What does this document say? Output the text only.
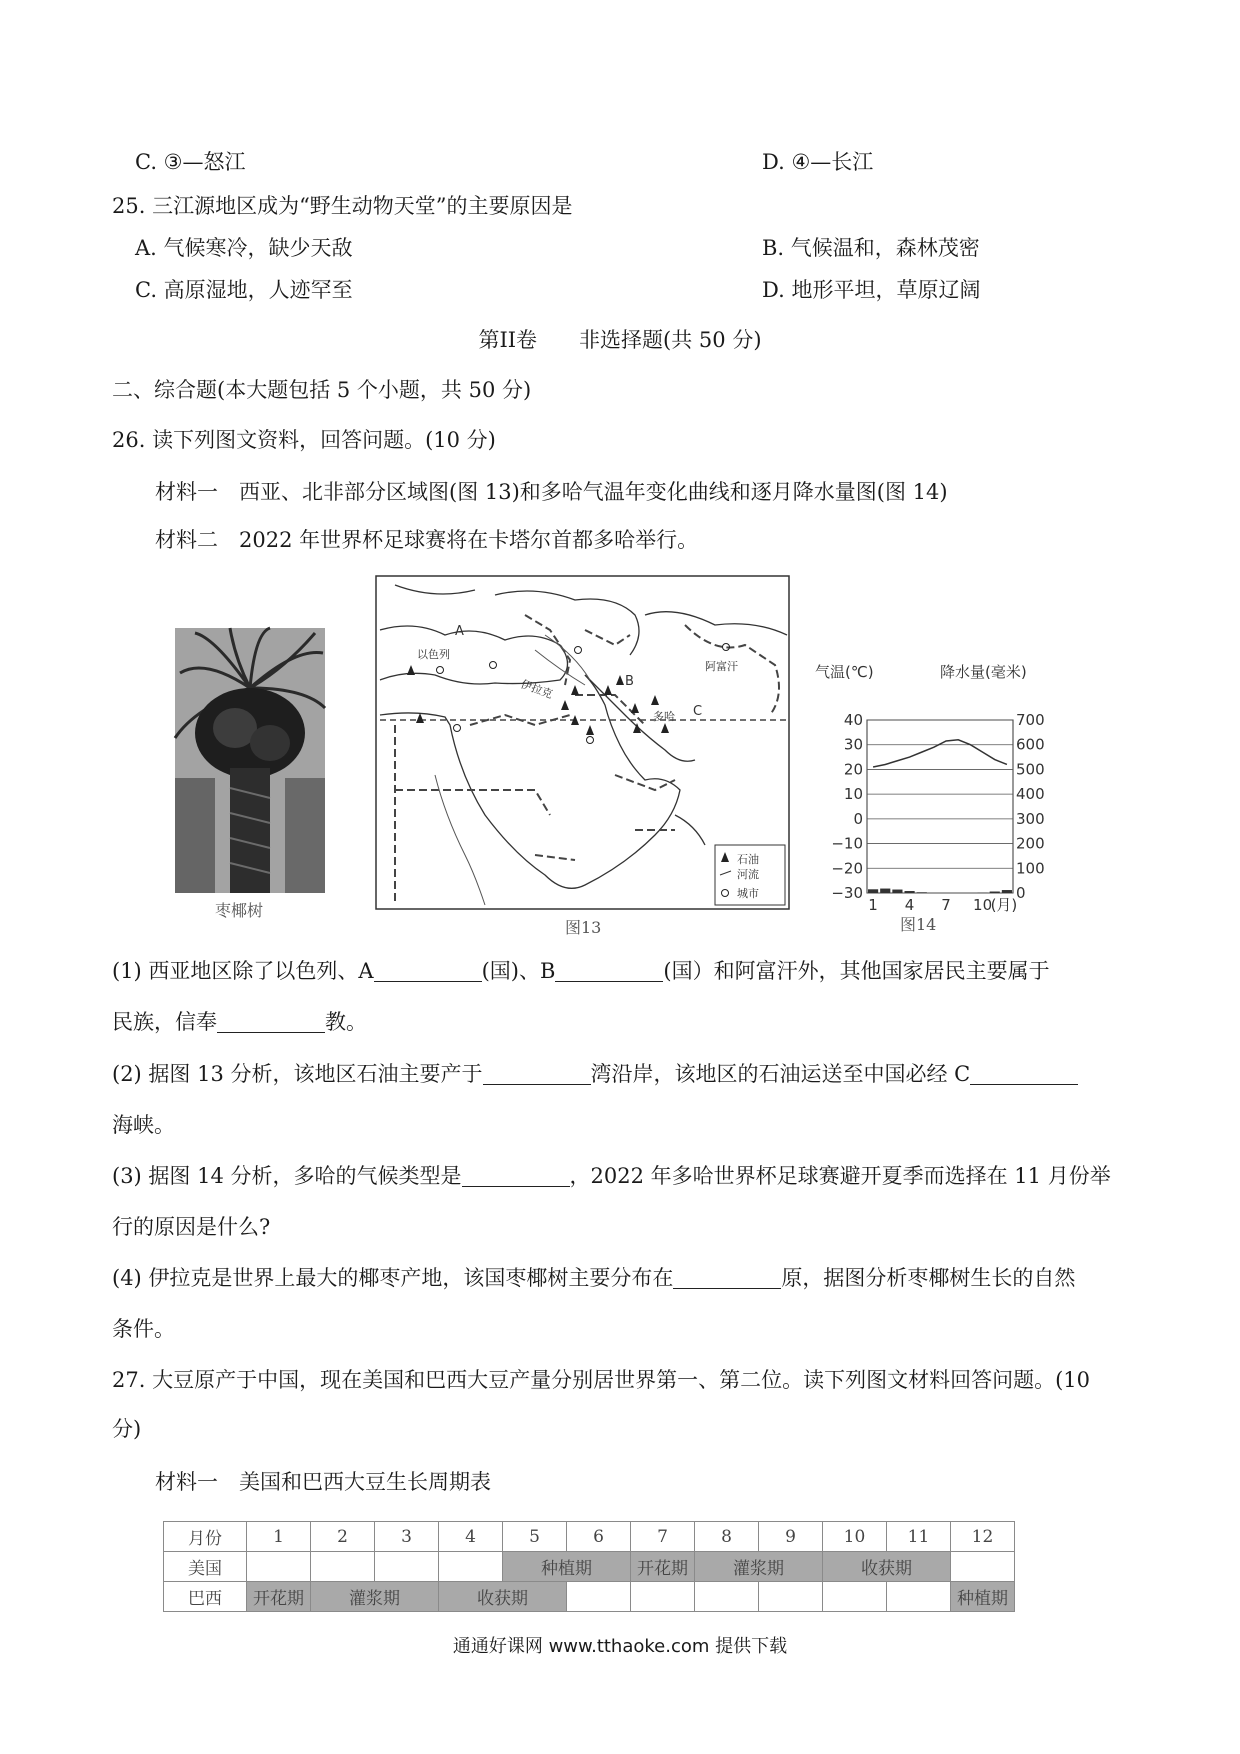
C. ③—怒江	D. ④—长江
25. 三江源地区成为“野生动物天堂”的主要原因是
A. 气候寒冷，缺少天敌	B. 气候温和，森林茂密
C. 高原湿地，人迹罕至	D. 地形平坦，草原辽阔
第II卷　　非选择题(共 50 分)
二、综合题(本大题包括 5 个小题，共 50 分)
26. 读下列图文资料，回答问题。(10 分)
材料一　西亚、北非部分区域图(图 13)和多哈气温年变化曲线和逐月降水量图(图 14)
材料二　2022 年世界杯足球赛将在卡塔尔首都多哈举行。
枣椰树
A
B
C
以色列
伊拉克
阿富汗
多哈
石油
河流
城市
图13
气温(℃)	降水量(毫米)
40	700
30	600
20	500
10	400
0	300
−10	200
−20	100
−30	0
1 4 7 10
(月)
图14
(1) 西亚地区除了以色列、A	(国)、B	(国）和阿富汗外，其他国家居民主要属于
民族，信奉	教。
(2) 据图 13 分析，该地区石油主要产于	湾沿岸，该地区的石油运送至中国必经 C
海峡。
(3) 据图 14 分析，多哈的气候类型是	，2022 年多哈世界杯足球赛避开夏季而选择在 11 月份举
行的原因是什么?
(4) 伊拉克是世界上最大的椰枣产地，该国枣椰树主要分布在	原，据图分析枣椰树生长的自然
条件。
27. 大豆原产于中国，现在美国和巴西大豆产量分别居世界第一、第二位。读下列图文材料回答问题。(10
分)
材料一　美国和巴西大豆生长周期表
月份	1	2	3	4	5	6	7	8	9	10	11	12
美国					种植期		开花期	灌浆期		收获期		
巴西	开花期	灌浆期		收获期								种植期
通通好课网 www.tthaoke.com 提供下载
